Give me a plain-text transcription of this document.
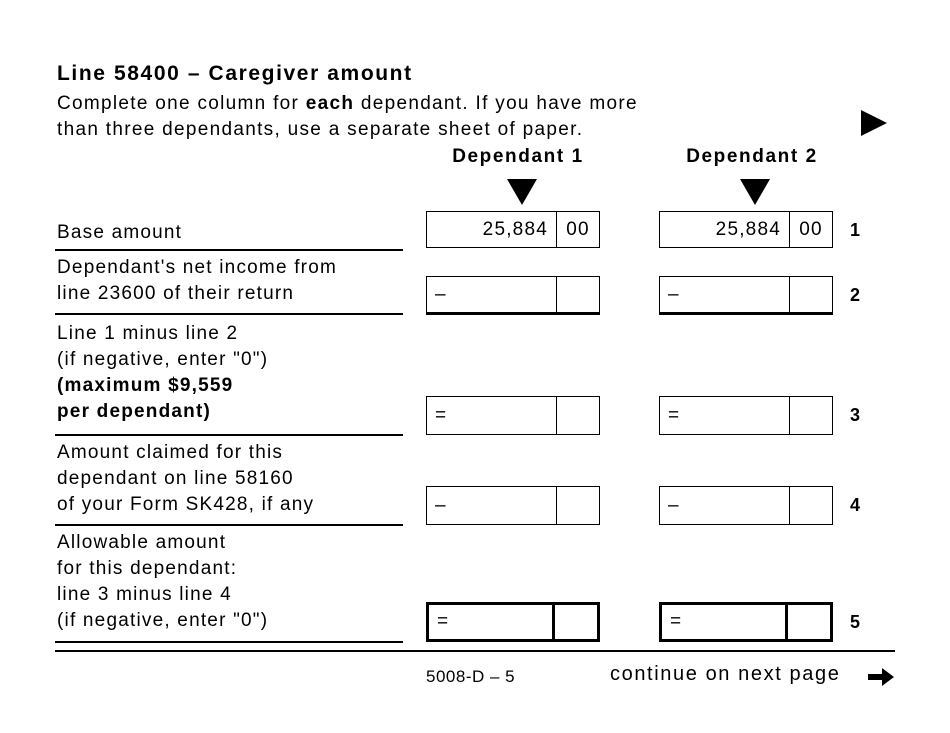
Line 58400 – Caregiver amount
Complete one column for each dependant. If you have more
than three dependants, use a separate sheet of paper.
Dependant 1	Dependant 2
Base amount	25,884 00	25,884 00	1
Dependant's net income from
line 23600 of their return	–	–	2
Line 1 minus line 2
(if negative, enter "0")
(maximum $9,559
per dependant)	=	=	3
Amount claimed for this
dependant on line 58160
of your Form SK428, if any	–	–	4
Allowable amount
for this dependant:
line 3 minus line 4
(if negative, enter "0")	=	=	5
5008-D – 5	continue on next page
